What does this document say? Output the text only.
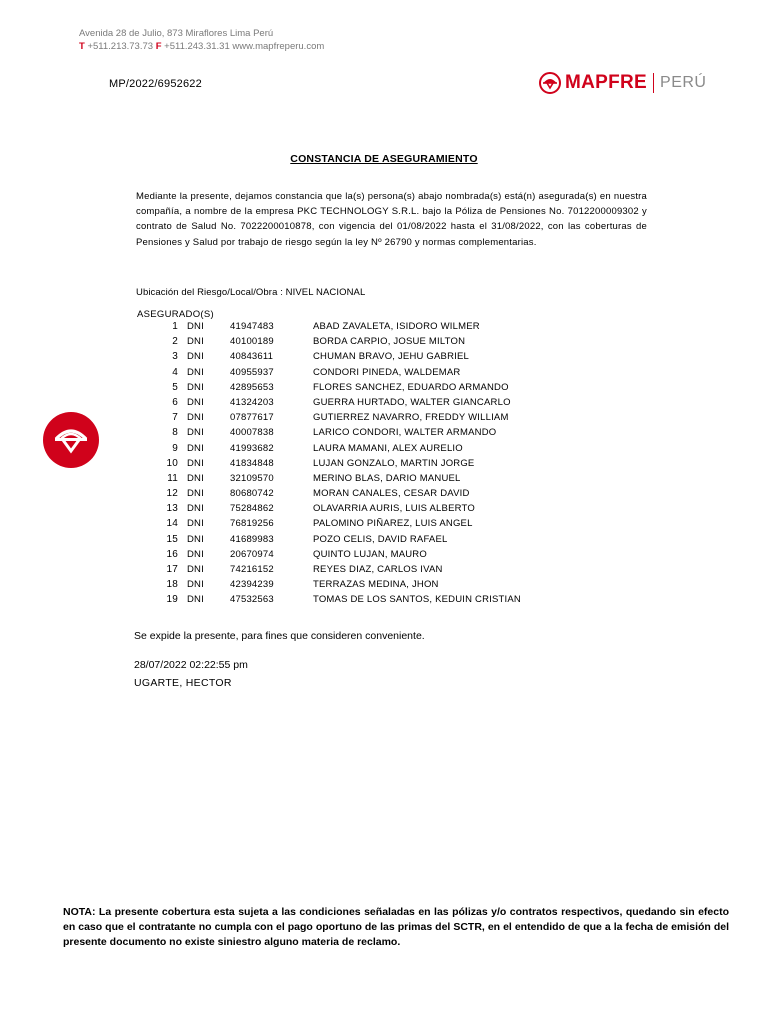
Avenida 28 de Julio, 873 Miraflores Lima Perú
T +511.213.73.73 F +511.243.31.31 www.mapfreperu.com
MP/2022/6952622	MAPFRE PERÚ
CONSTANCIA DE ASEGURAMIENTO
Mediante la presente, dejamos constancia que la(s) persona(s) abajo nombrada(s) está(n) asegurada(s) en nuestra compañía, a nombre de la empresa PKC TECHNOLOGY S.R.L. bajo la Póliza de Pensiones No. 7012200009302 y contrato de Salud No. 7022200010878, con vigencia del 01/08/2022 hasta el 31/08/2022, con las coberturas de Pensiones y Salud por trabajo de riesgo según la ley Nº 26790 y normas complementarias.
Ubicación del Riesgo/Local/Obra : NIVEL NACIONAL
ASEGURADO(S)
1 DNI	41947483	ABAD ZAVALETA, ISIDORO WILMER
2 DNI	40100189	BORDA CARPIO, JOSUE MILTON
3 DNI	40843611	CHUMAN BRAVO, JEHU GABRIEL
4 DNI	40955937	CONDORI PINEDA, WALDEMAR
5 DNI	42895653	FLORES SANCHEZ, EDUARDO ARMANDO
6 DNI	41324203	GUERRA HURTADO, WALTER GIANCARLO
7 DNI	07877617	GUTIERREZ NAVARRO, FREDDY WILLIAM
8 DNI	40007838	LARICO CONDORI, WALTER ARMANDO
9 DNI	41993682	LAURA MAMANI, ALEX AURELIO
10 DNI	41834848	LUJAN GONZALO, MARTIN JORGE
11 DNI	32109570	MERINO BLAS, DARIO MANUEL
12 DNI	80680742	MORAN CANALES, CESAR DAVID
13 DNI	75284862	OLAVARRIA AURIS, LUIS ALBERTO
14 DNI	76819256	PALOMINO PIÑAREZ, LUIS ANGEL
15 DNI	41689983	POZO CELIS, DAVID RAFAEL
16 DNI	20670974	QUINTO LUJAN, MAURO
17 DNI	74216152	REYES DIAZ, CARLOS IVAN
18 DNI	42394239	TERRAZAS MEDINA, JHON
19 DNI	47532563	TOMAS DE LOS SANTOS, KEDUIN CRISTIAN
Se expide la presente, para fines que consideren conveniente.
28/07/2022 02:22:55 pm
UGARTE, HECTOR
NOTA: La presente cobertura esta sujeta a las condiciones señaladas en las pólizas y/o contratos respectivos, quedando sin efecto en caso que el contratante no cumpla con el pago oportuno de las primas del SCTR, en el entendido de que a la fecha de emisión del presente documento no existe siniestro alguno materia de reclamo.
